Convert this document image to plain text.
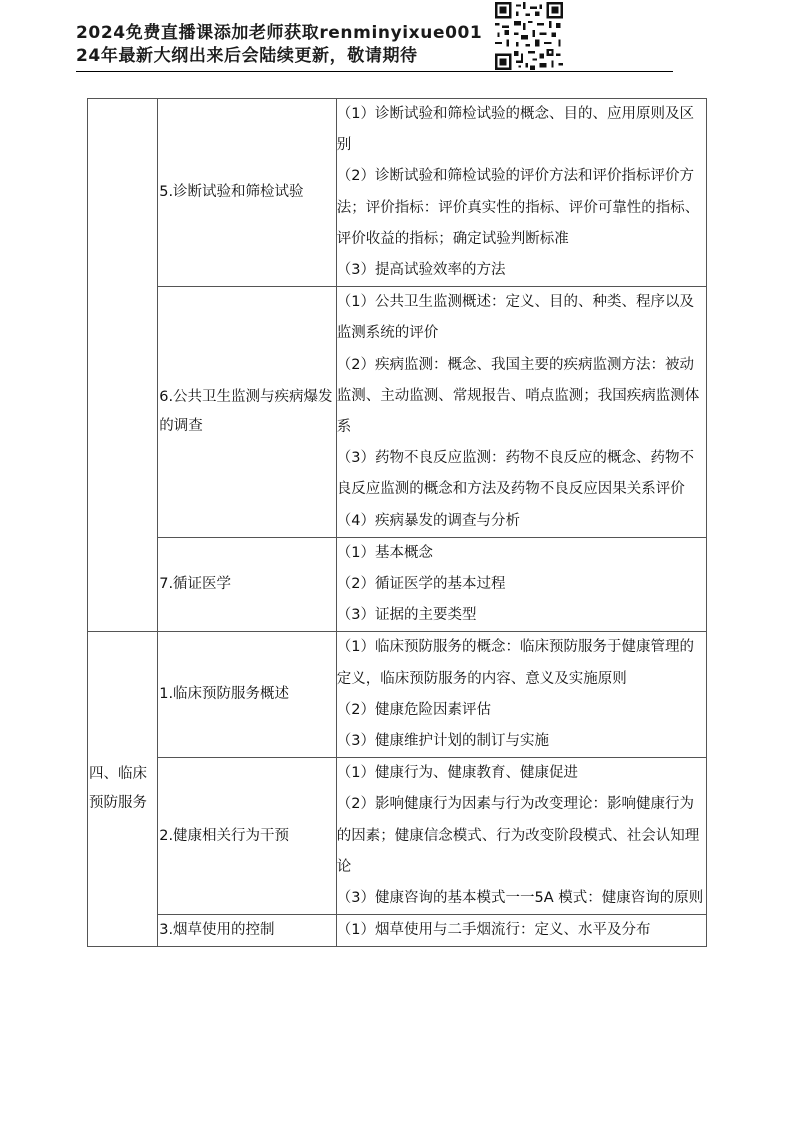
2024免费直播课添加老师获取renminyixue001
24年最新大纲出来后会陆续更新，敬请期待

	5.诊断试验和筛检试验	（1）诊断试验和筛检试验的概念、目的、应用原则及区别
（2）诊断试验和筛检试验的评价方法和评价指标评价方法；评价指标：评价真实性的指标、评价可靠性的指标、评价收益的指标；确定试验判断标准
（3）提高试验效率的方法

	6.公共卫生监测与疾病爆发的调查	（1）公共卫生监测概述：定义、目的、种类、程序以及监测系统的评价
（2）疾病监测：概念、我国主要的疾病监测方法：被动监测、主动监测、常规报告、哨点监测；我国疾病监测体系
（3）药物不良反应监测：药物不良反应的概念、药物不良反应监测的概念和方法及药物不良反应因果关系评价
（4）疾病暴发的调查与分析

	7.循证医学	（1）基本概念
（2）循证医学的基本过程
（3）证据的主要类型

四、临床预防服务	1.临床预防服务概述	（1）临床预防服务的概念：临床预防服务于健康管理的定义，临床预防服务的内容、意义及实施原则
（2）健康危险因素评估
（3）健康维护计划的制订与实施

	2.健康相关行为干预	（1）健康行为、健康教育、健康促进
（2）影响健康行为因素与行为改变理论：影响健康行为的因素；健康信念模式、行为改变阶段模式、社会认知理论
（3）健康咨询的基本模式一一5A 模式：健康咨询的原则

	3.烟草使用的控制	（1）烟草使用与二手烟流行：定义、水平及分布
